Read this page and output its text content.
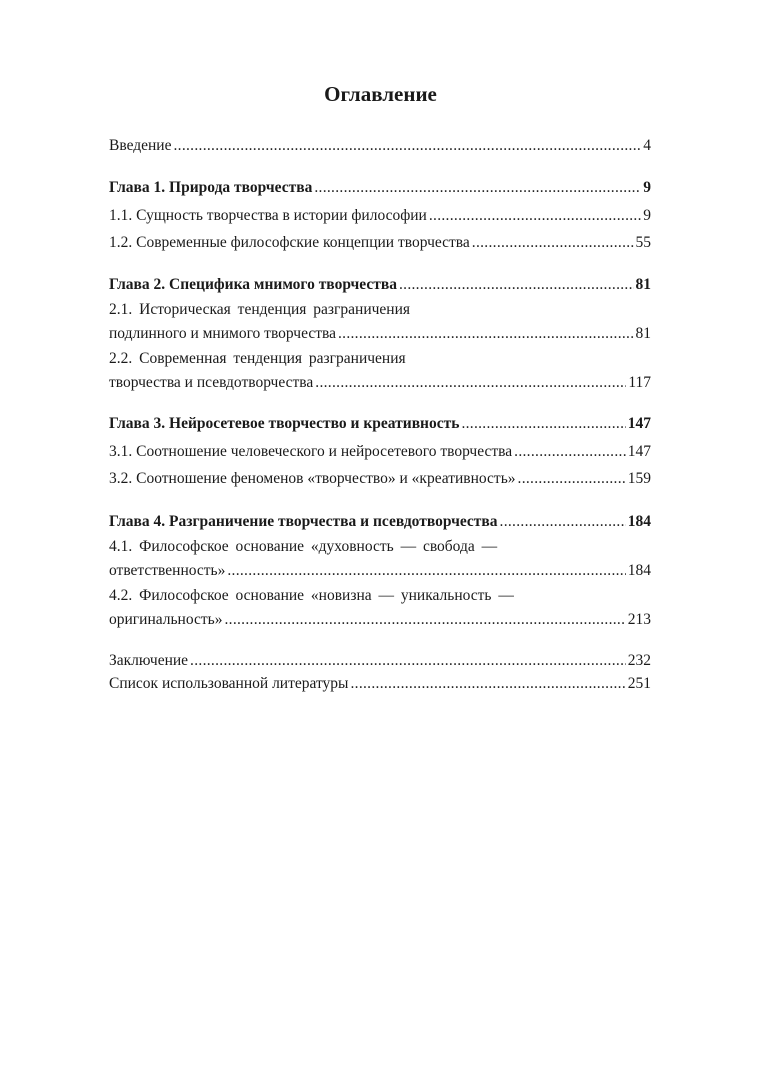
Оглавление
Введение .....	4
Глава 1. Природа творчества .....	9
1.1. Сущность творчества в истории философии .....	9
1.2. Современные философские концепции творчества .....	55
Глава 2. Специфика мнимого творчества .....	81
2.1. Историческая тенденция разграничения
подлинного и мнимого творчества .....	81
2.2. Современная тенденция разграничения
творчества и псевдотворчества .....	117
Глава 3. Нейросетевое творчество и креативность .....	147
3.1. Соотношение человеческого и нейросетевого творчества .....	147
3.2. Соотношение феноменов «творчество» и «креативность» .....	159
Глава 4. Разграничение творчества и псевдотворчества .....	184
4.1. Философское основание «духовность — свобода —
ответственность» .....	184
4.2. Философское основание «новизна — уникальность —
оригинальность» .....	213
Заключение .....	232
Список использованной литературы .....	251
